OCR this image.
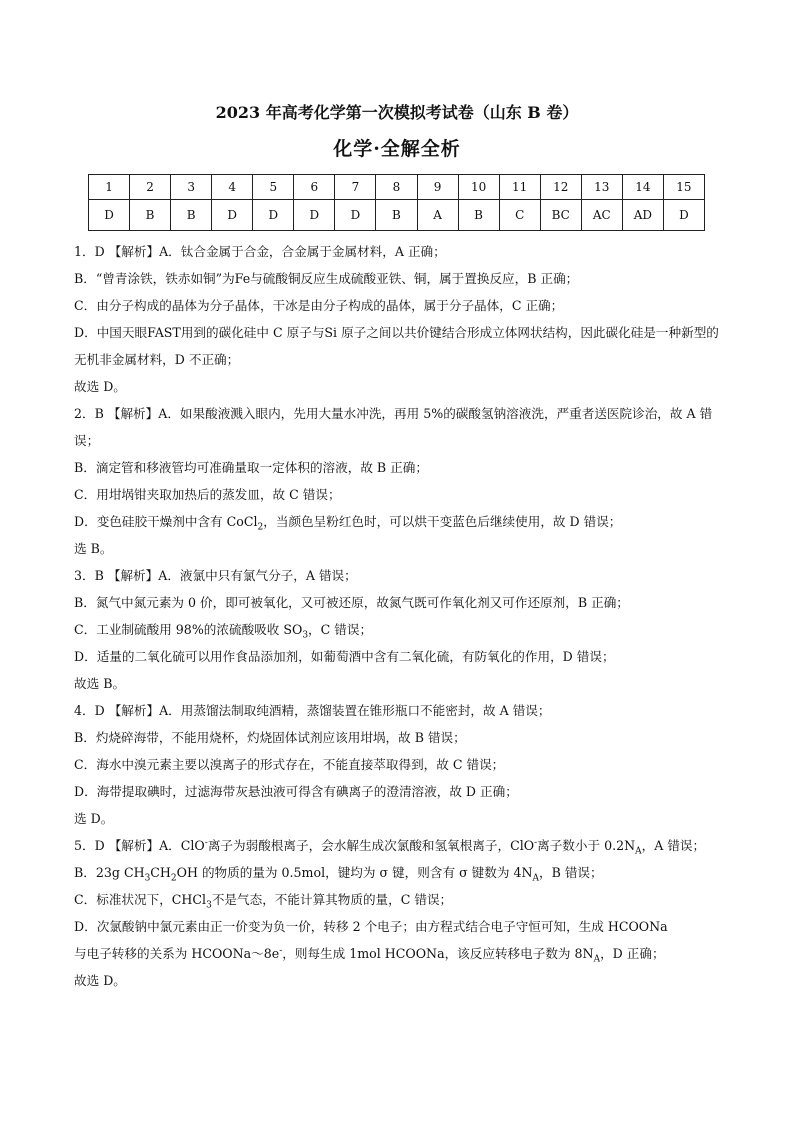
2023 年高考化学第一次模拟考试卷（山东 B 卷）
化学·全解全析
1	2	3	4	5	6	7	8	9	10	11	12	13	14	15
D	B	B	D	D	D	D	B	A	B	C	BC	AC	AD	D
1．D 【解析】A．钛合金属于合金，合金属于金属材料，A 正确；
B．“曾青涂铁，铁赤如铜”为Fe与硫酸铜反应生成硫酸亚铁、铜，属于置换反应，B 正确；
C．由分子构成的晶体为分子晶体，干冰是由分子构成的晶体，属于分子晶体，C 正确；
D．中国天眼FAST用到的碳化硅中 C 原子与Si 原子之间以共价键结合形成立体网状结构，因此碳化硅是一种新型的无机非金属材料，D 不正确；
故选 D。
2．B 【解析】A．如果酸液溅入眼内，先用大量水冲洗，再用 5%的碳酸氢钠溶液洗，严重者送医院诊治，故 A 错误；
B．滴定管和移液管均可准确量取一定体积的溶液，故 B 正确；
C．用坩埚钳夹取加热后的蒸发皿，故 C 错误；
D．变色硅胶干燥剂中含有 CoCl$_2$，当颜色呈粉红色时，可以烘干变蓝色后继续使用，故 D 错误；
选 B。
3．B 【解析】A．液氯中只有氯气分子，A 错误；
B．氮气中氮元素为 0 价，即可被氧化，又可被还原，故氮气既可作氧化剂又可作还原剂，B 正确；
C．工业制硫酸用 98%的浓硫酸吸收 $SO_3$，C 错误；
D．适量的二氧化硫可以用作食品添加剂，如葡萄酒中含有二氧化硫，有防氧化的作用，D 错误；
故选 B。
4．D 【解析】A．用蒸馏法制取纯酒精，蒸馏装置在锥形瓶口不能密封，故 A 错误；
B．灼烧碎海带，不能用烧杯，灼烧固体试剂应该用坩埚，故 B 错误；
C．海水中溴元素主要以溴离子的形式存在，不能直接萃取得到，故 C 错误；
D．海带提取碘时，过滤海带灰悬浊液可得含有碘离子的澄清溶液，故 D 正确；
选 D。
5．D 【解析】A．ClO-离子为弱酸根离子，会水解生成次氯酸和氢氧根离子，ClO-离子数小于 $0.2N_A$，A 错误；
B．23g $CH_3CH_2OH$ 的物质的量为 0.5mol，键均为 σ 键，则含有 σ 键数为 $4N_A$，B 错误；
C．标准状况下，CHCl$_3$不是气态，不能计算其物质的量，C 错误；
D．次氯酸钠中氯元素由正一价变为负一价，转移 2 个电子；由方程式结合电子守恒可知，生成 HCOONa
与电子转移的关系为 HCOONa～8e-，则每生成 1mol HCOONa，该反应转移电子数为 $8N_A$，D 正确；
故选 D。
